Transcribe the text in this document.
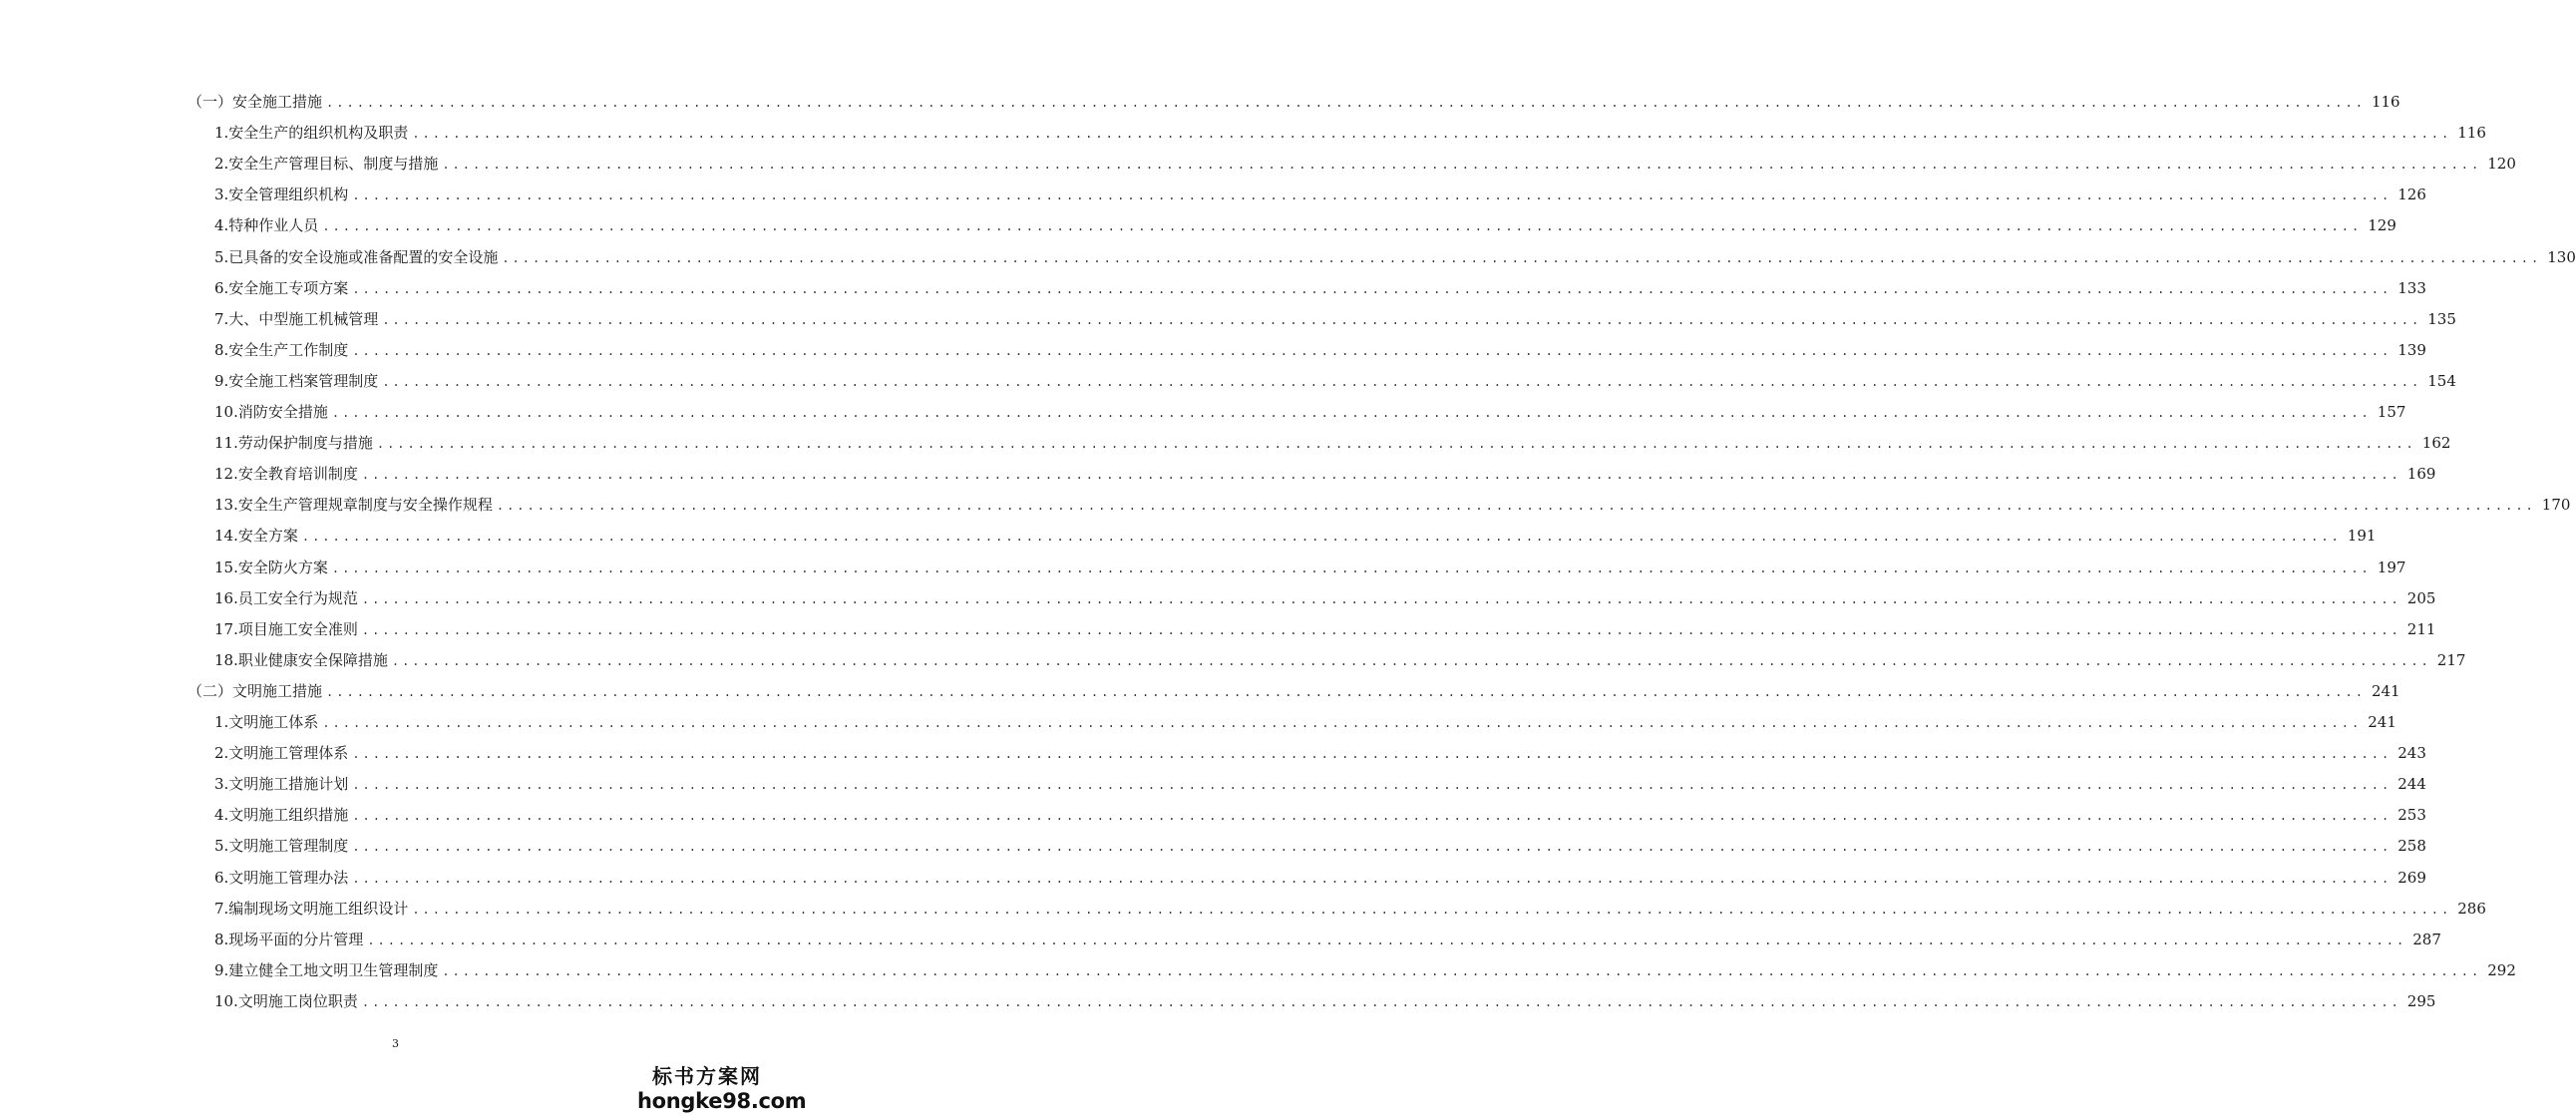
（一）安全施工措施 ........................................................................................................................................................................................................ 116
1.安全生产的组织机构及职责 ........................................................................................................................................................................................................ 116
2.安全生产管理目标、制度与措施 ........................................................................................................................................................................................................ 120
3.安全管理组织机构 ........................................................................................................................................................................................................ 126
4.特种作业人员 ........................................................................................................................................................................................................ 129
5.已具备的安全设施或准备配置的安全设施 ........................................................................................................................................................................................................ 130
6.安全施工专项方案 ........................................................................................................................................................................................................ 133
7.大、中型施工机械管理 ........................................................................................................................................................................................................ 135
8.安全生产工作制度 ........................................................................................................................................................................................................ 139
9.安全施工档案管理制度 ........................................................................................................................................................................................................ 154
10.消防安全措施 ........................................................................................................................................................................................................ 157
11.劳动保护制度与措施 ........................................................................................................................................................................................................ 162
12.安全教育培训制度 ........................................................................................................................................................................................................ 169
13.安全生产管理规章制度与安全操作规程 ........................................................................................................................................................................................................ 170
14.安全方案 ........................................................................................................................................................................................................ 191
15.安全防火方案 ........................................................................................................................................................................................................ 197
16.员工安全行为规范 ........................................................................................................................................................................................................ 205
17.项目施工安全准则 ........................................................................................................................................................................................................ 211
18.职业健康安全保障措施 ........................................................................................................................................................................................................ 217
（二）文明施工措施 ........................................................................................................................................................................................................ 241
1.文明施工体系 ........................................................................................................................................................................................................ 241
2.文明施工管理体系 ........................................................................................................................................................................................................ 243
3.文明施工措施计划 ........................................................................................................................................................................................................ 244
4.文明施工组织措施 ........................................................................................................................................................................................................ 253
5.文明施工管理制度 ........................................................................................................................................................................................................ 258
6.文明施工管理办法 ........................................................................................................................................................................................................ 269
7.编制现场文明施工组织设计 ........................................................................................................................................................................................................ 286
8.现场平面的分片管理 ........................................................................................................................................................................................................ 287
9.建立健全工地文明卫生管理制度 ........................................................................................................................................................................................................ 292
10.文明施工岗位职责 ........................................................................................................................................................................................................ 295
3
标书方案网
hongke98.com
